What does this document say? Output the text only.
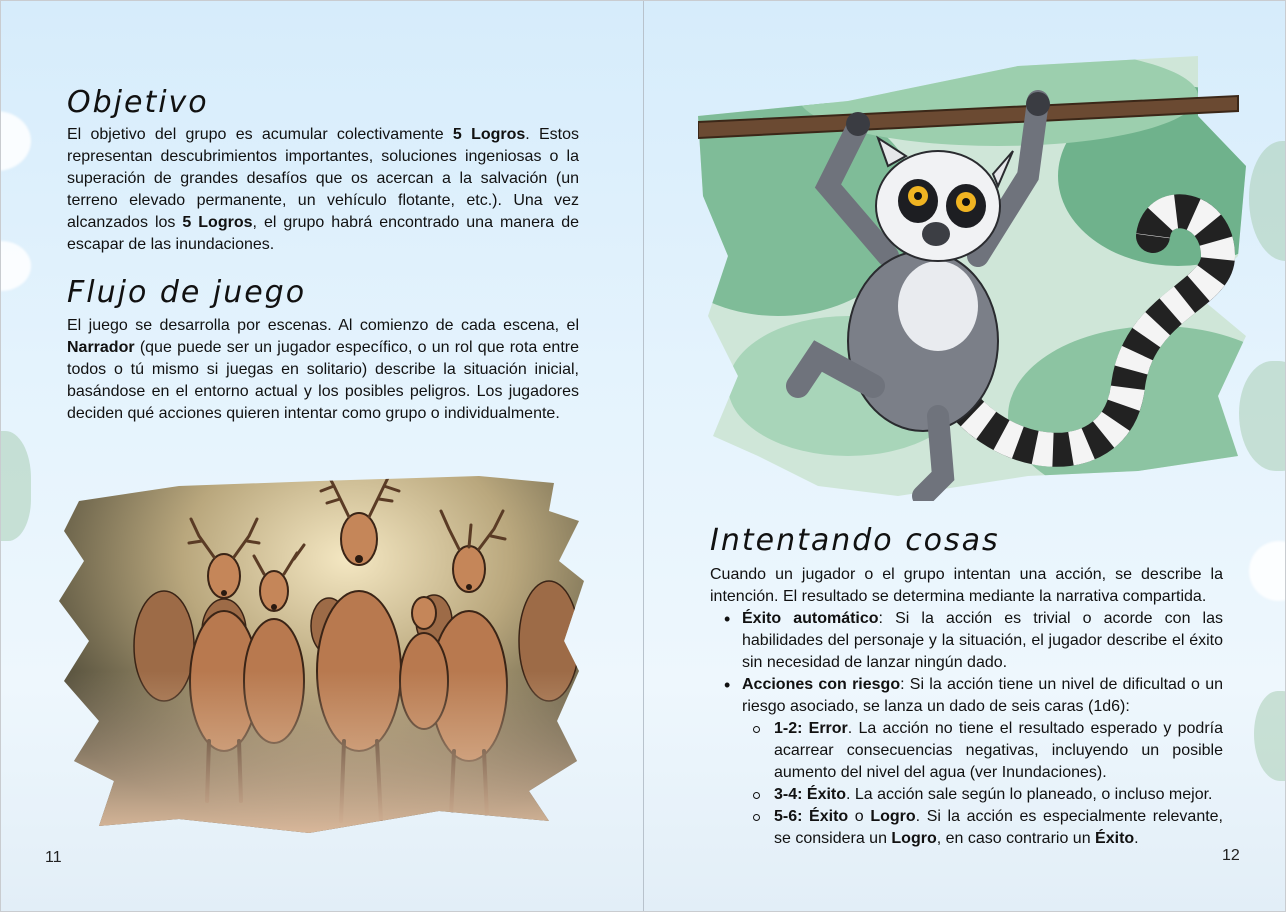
Objetivo

El objetivo del grupo es acumular colectivamente 5 Logros. Estos representan descubrimientos importantes, soluciones ingeniosas o la superación de grandes desafíos que os acercan a la salvación (un terreno elevado permanente, un vehículo flotante, etc.). Una vez alcanzados los 5 Logros, el grupo habrá encontrado una manera de escapar de las inundaciones.

Flujo de juego

El juego se desarrolla por escenas. Al comienzo de cada escena, el Narrador (que puede ser un jugador específico, o un rol que rota entre todos o tú mismo si juegas en solitario) describe la situación inicial, basándose en el entorno actual y los posibles peligros. Los jugadores deciden qué acciones quieren intentar como grupo o individualmente.

11
Intentando cosas

Cuando un jugador o el grupo intentan una acción, se describe la intención. El resultado se determina mediante la narrativa compartida.

• Éxito automático: Si la acción es trivial o acorde con las habilidades del personaje y la situación, el jugador describe el éxito sin necesidad de lanzar ningún dado.
• Acciones con riesgo: Si la acción tiene un nivel de dificultad o un riesgo asociado, se lanza un dado de seis caras (1d6):
1-2: Error. La acción no tiene el resultado esperado y podría acarrear consecuencias negativas, incluyendo un posible aumento del nivel del agua (ver Inundaciones).
3-4: Éxito. La acción sale según lo planeado, o incluso mejor.
5-6: Éxito o Logro. Si la acción es especialmente relevante, se considera un Logro, en caso contrario un Éxito.
12
